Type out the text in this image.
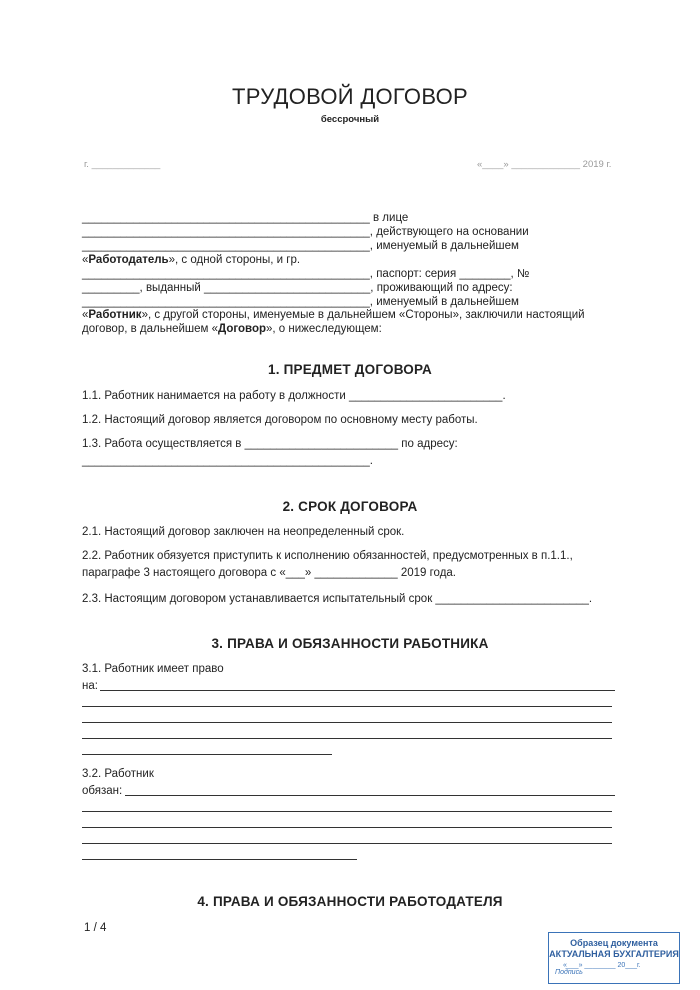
ТРУДОВОЙ ДОГОВОР
бессрочный
г. _____________	«____» _____________ 2019 г.
_____________________________________________ в лице
_____________________________________________, действующего на основании
_____________________________________________, именуемый в дальнейшем
«Работодатель», с одной стороны, и гр.
_____________________________________________, паспорт: серия ________, №
_________, выданный __________________________, проживающий по адресу:
_____________________________________________, именуемый в дальнейшем
«Работник», с другой стороны, именуемые в дальнейшем «Стороны», заключили настоящий
договор, в дальнейшем «Договор», о нижеследующем:
1. ПРЕДМЕТ ДОГОВОРА
1.1. Работник нанимается на работу в должности ________________________.
1.2. Настоящий договор является договором по основному месту работы.
1.3. Работа осуществляется в ________________________ по адресу:
_____________________________________________.
2. СРОК ДОГОВОРА
2.1. Настоящий договор заключен на неопределенный срок.
2.2. Работник обязуется приступить к исполнению обязанностей, предусмотренных в п.1.1.,
параграфе 3 настоящего договора с «___» _____________ 2019 года.
2.3. Настоящим договором устанавливается испытательный срок ________________________.
3. ПРАВА И ОБЯЗАННОСТИ РАБОТНИКА
3.1. Работник имеет право
на:
3.2. Работник
обязан:
4. ПРАВА И ОБЯЗАННОСТИ РАБОТОДАТЕЛЯ
1 / 4
Образец документа
АКТУАЛЬНАЯ БУХГАЛТЕРИЯ
«___» ________ 20___г.
Подпись
